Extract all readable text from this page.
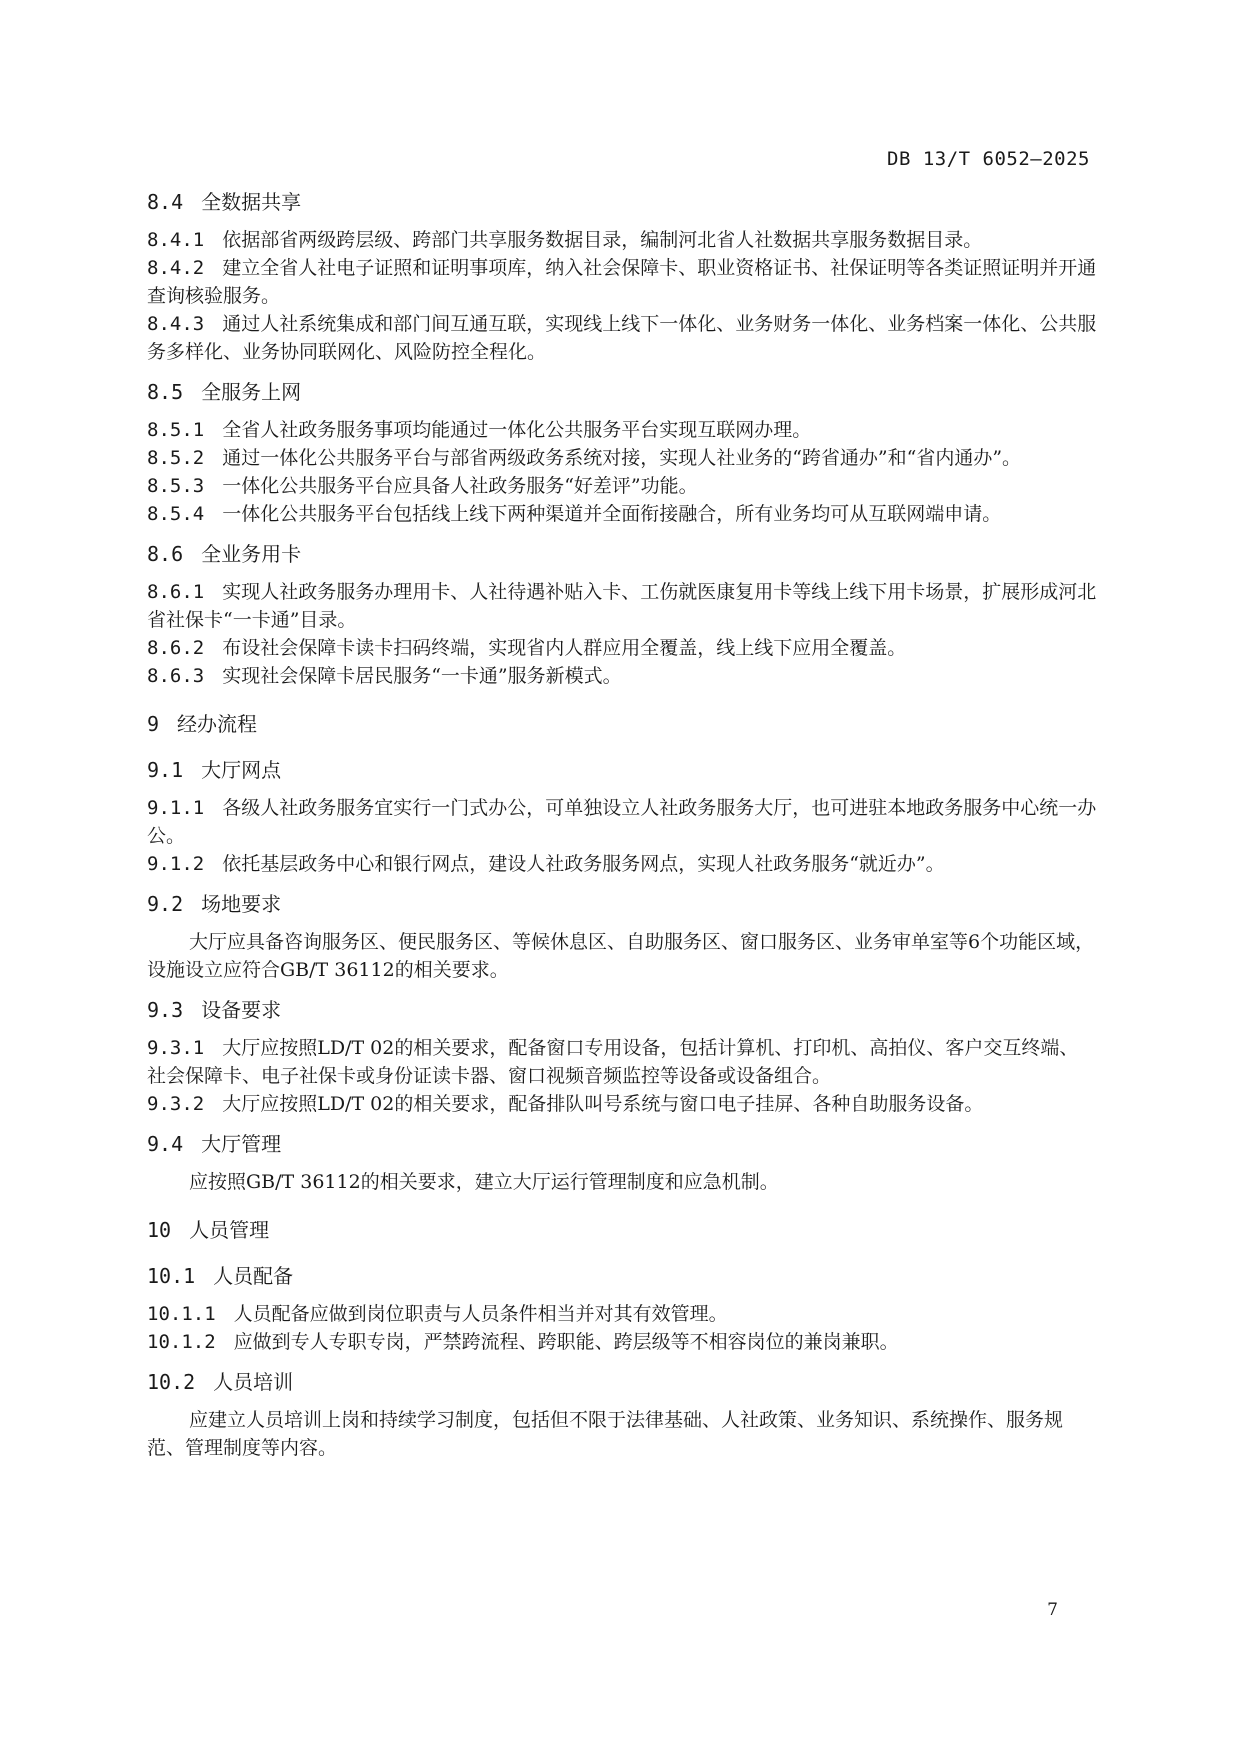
DB 13/T 6052—2025
8.4 全数据共享
8.4.1 依据部省两级跨层级、跨部门共享服务数据目录，编制河北省人社数据共享服务数据目录。
8.4.2 建立全省人社电子证照和证明事项库，纳入社会保障卡、职业资格证书、社保证明等各类证照证明并开通查询核验服务。
8.4.3 通过人社系统集成和部门间互通互联，实现线上线下一体化、业务财务一体化、业务档案一体化、公共服务多样化、业务协同联网化、风险防控全程化。
8.5 全服务上网
8.5.1 全省人社政务服务事项均能通过一体化公共服务平台实现互联网办理。
8.5.2 通过一体化公共服务平台与部省两级政务系统对接，实现人社业务的“跨省通办”和“省内通办”。
8.5.3 一体化公共服务平台应具备人社政务服务“好差评”功能。
8.5.4 一体化公共服务平台包括线上线下两种渠道并全面衔接融合，所有业务均可从互联网端申请。
8.6 全业务用卡
8.6.1 实现人社政务服务办理用卡、人社待遇补贴入卡、工伤就医康复用卡等线上线下用卡场景，扩展形成河北省社保卡“一卡通”目录。
8.6.2 布设社会保障卡读卡扫码终端，实现省内人群应用全覆盖，线上线下应用全覆盖。
8.6.3 实现社会保障卡居民服务“一卡通”服务新模式。
9 经办流程
9.1 大厅网点
9.1.1 各级人社政务服务宜实行一门式办公，可单独设立人社政务服务大厅，也可进驻本地政务服务中心统一办公。
9.1.2 依托基层政务中心和银行网点，建设人社政务服务网点，实现人社政务服务“就近办”。
9.2 场地要求
大厅应具备咨询服务区、便民服务区、等候休息区、自助服务区、窗口服务区、业务审单室等6个功能区域，设施设立应符合GB/T 36112的相关要求。
9.3 设备要求
9.3.1 大厅应按照LD/T 02的相关要求，配备窗口专用设备，包括计算机、打印机、高拍仪、客户交互终端、社会保障卡、电子社保卡或身份证读卡器、窗口视频音频监控等设备或设备组合。
9.3.2 大厅应按照LD/T 02的相关要求，配备排队叫号系统与窗口电子挂屏、各种自助服务设备。
9.4 大厅管理
应按照GB/T 36112的相关要求，建立大厅运行管理制度和应急机制。
10 人员管理
10.1 人员配备
10.1.1 人员配备应做到岗位职责与人员条件相当并对其有效管理。
10.1.2 应做到专人专职专岗，严禁跨流程、跨职能、跨层级等不相容岗位的兼岗兼职。
10.2 人员培训
应建立人员培训上岗和持续学习制度，包括但不限于法律基础、人社政策、业务知识、系统操作、服务规范、管理制度等内容。
7
